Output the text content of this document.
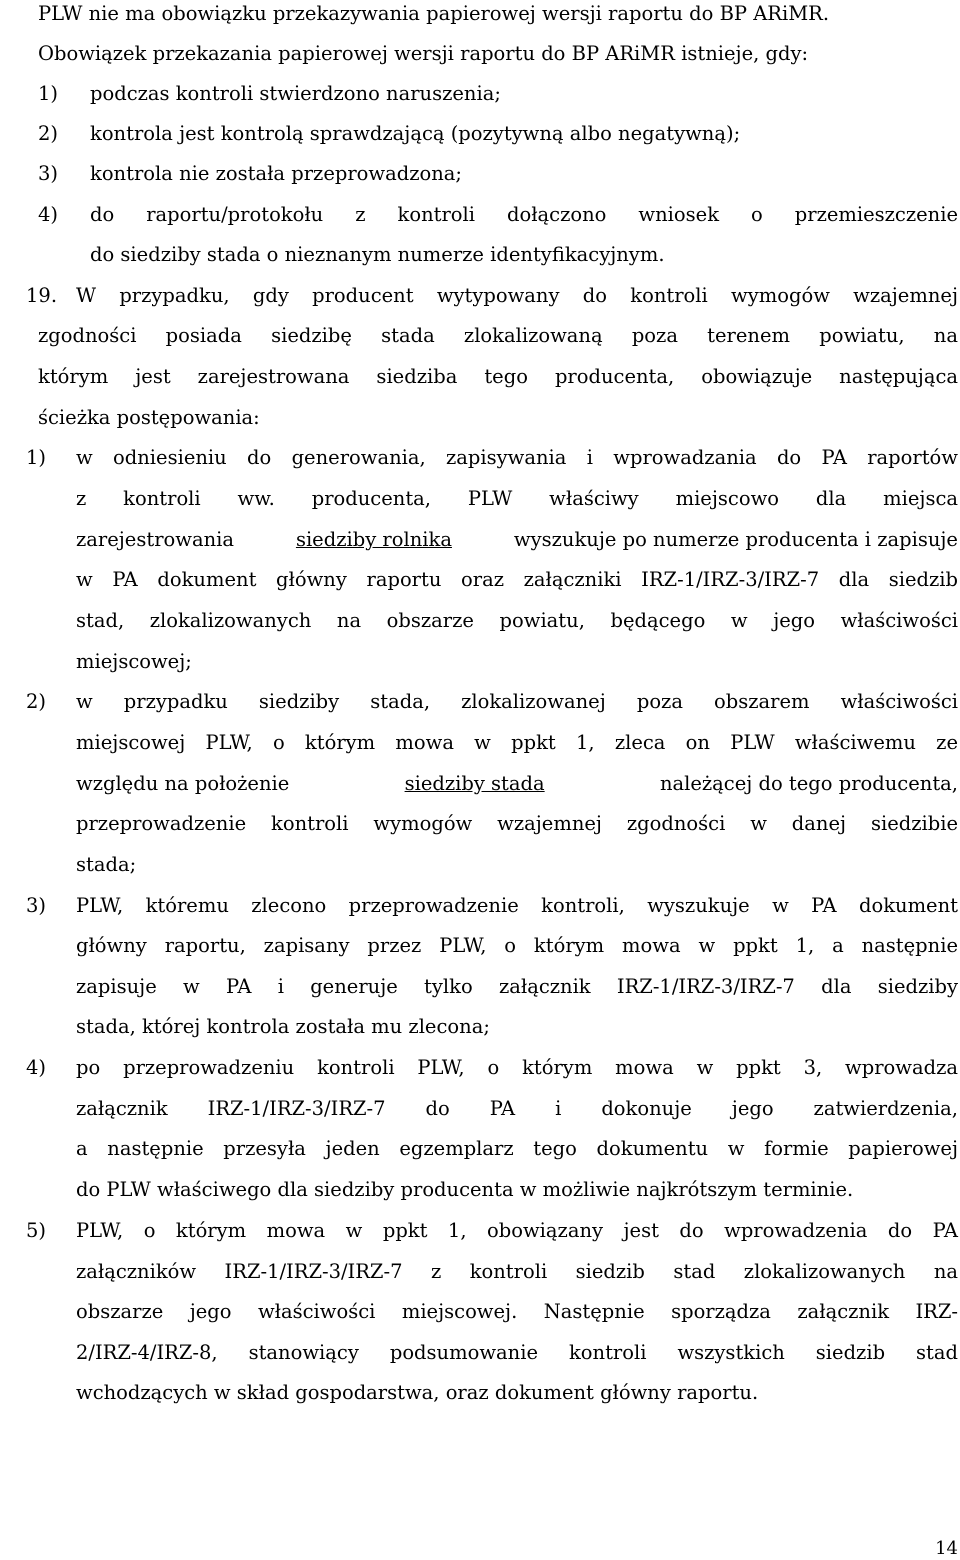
PLW nie ma obowiązku przekazywania papierowej wersji raportu do BP ARiMR.
Obowiązek przekazania papierowej wersji raportu do BP ARiMR istnieje, gdy:
1) podczas kontroli stwierdzono naruszenia;
2) kontrola jest kontrolą sprawdzającą (pozytywną albo negatywną);
3) kontrola nie została przeprowadzona;
4) do raportu/protokołu z kontroli dołączono wniosek o przemieszczenie
do siedziby stada o nieznanym numerze identyfikacyjnym.
19. W przypadku, gdy producent wytypowany do kontroli wymogów wzajemnej
zgodności posiada siedzibę stada zlokalizowaną poza terenem powiatu, na
którym jest zarejestrowana siedziba tego producenta, obowiązuje następująca
ścieżka postępowania:
1) w odniesieniu do generowania, zapisywania i wprowadzania do PA raportów
z kontroli ww. producenta, PLW właściwy miejscowo dla miejsca
zarejestrowania	siedziby rolnika	wyszukuje po numerze producenta i zapisuje
w PA dokument główny raportu oraz załączniki IRZ-1/IRZ-3/IRZ-7 dla siedzib
stad, zlokalizowanych na obszarze powiatu, będącego w jego właściwości
miejscowej;
2) w przypadku siedziby stada, zlokalizowanej poza obszarem właściwości
miejscowej PLW, o którym mowa w ppkt 1, zleca on PLW właściwemu ze
względu na położenie	siedziby stada	należącej do tego producenta,
przeprowadzenie kontroli wymogów wzajemnej zgodności w danej siedzibie
stada;
3) PLW, któremu zlecono przeprowadzenie kontroli, wyszukuje w PA dokument
główny raportu, zapisany przez PLW, o którym mowa w ppkt 1, a następnie
zapisuje w PA i generuje tylko załącznik IRZ-1/IRZ-3/IRZ-7 dla siedziby
stada, której kontrola została mu zlecona;
4) po przeprowadzeniu kontroli PLW, o którym mowa w ppkt 3, wprowadza
załącznik IRZ-1/IRZ-3/IRZ-7 do PA i dokonuje jego zatwierdzenia,
a następnie przesyła jeden egzemplarz tego dokumentu w formie papierowej
do PLW właściwego dla siedziby producenta w możliwie najkrótszym terminie.
5) PLW, o którym mowa w ppkt 1, obowiązany jest do wprowadzenia do PA
załączników IRZ-1/IRZ-3/IRZ-7 z kontroli siedzib stad zlokalizowanych na
obszarze jego właściwości miejscowej. Następnie sporządza załącznik IRZ-
2/IRZ-4/IRZ-8, stanowiący podsumowanie kontroli wszystkich siedzib stad
wchodzących w skład gospodarstwa, oraz dokument główny raportu.
14
